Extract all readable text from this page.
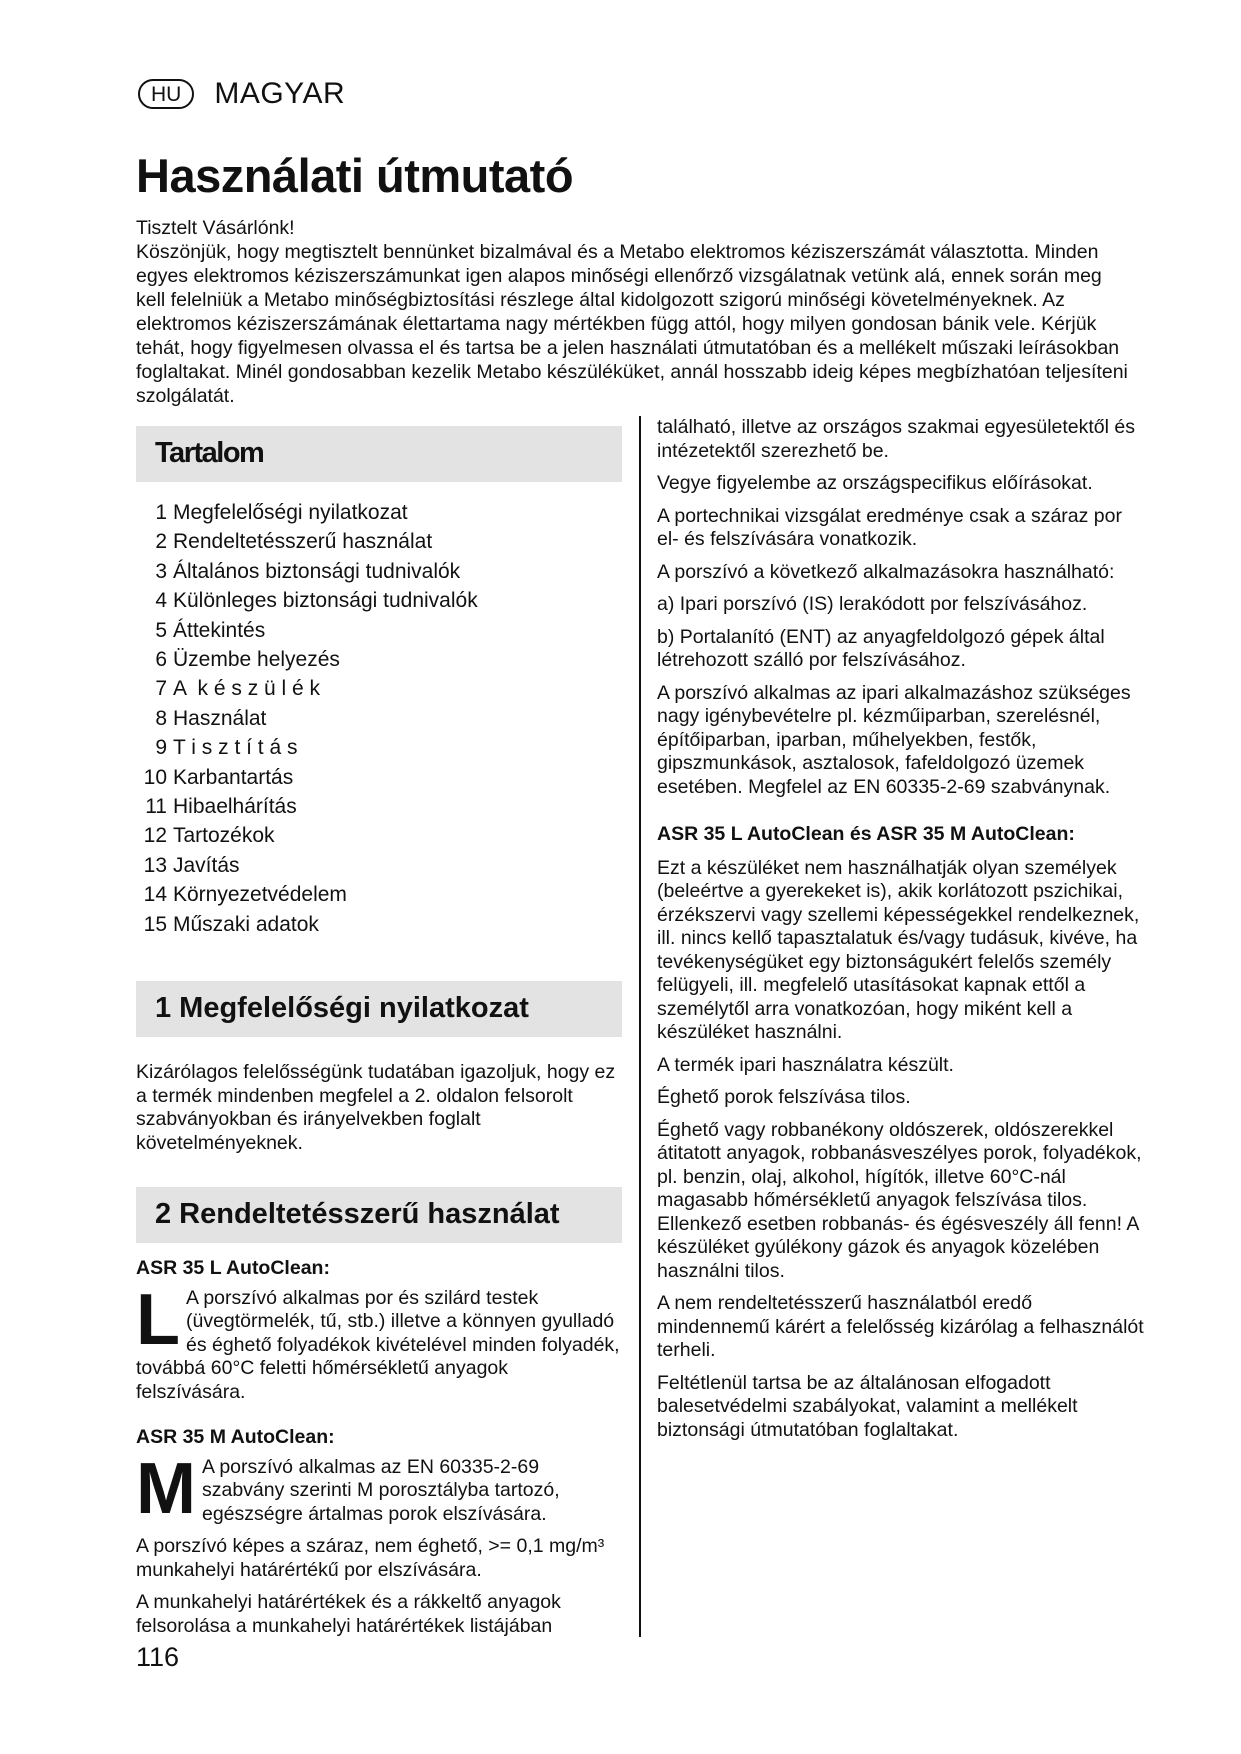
HU	MAGYAR
Használati útmutató

Tisztelt Vásárlónk!

Köszönjük, hogy megtisztelt bennünket bizalmával és a Metabo elektromos kéziszerszámát választotta. Minden egyes elektromos kéziszerszámunkat igen alapos minőségi ellenőrző vizsgálatnak vetünk alá, ennek során meg kell felelniük a Metabo minőségbiztosítási részlege által kidolgozott szigorú minőségi követelményeknek. Az elektromos kéziszerszámának élettartama nagy mértékben függ attól, hogy milyen gondosan bánik vele. Kérjük tehát, hogy figyelmesen olvassa el és tartsa be a jelen használati útmutatóban és a mellékelt műszaki leírásokban foglaltakat. Minél gondosabban kezelik Metabo készüléküket, annál hosszabb ideig képes megbízhatóan teljesíteni szolgálatát.

Tartalom
1 Megfelelőségi nyilatkozat
2 Rendeltetésszerű használat
3 Általános biztonsági tudnivalók
4 Különleges biztonsági tudnivalók
5 Áttekintés
6 Üzembe helyezés
7 A  k é s z ü l é k
8 Használat
9 T i s z t í t á s
10 Karbantartás
11 Hibaelhárítás
12 Tartozékok
13 Javítás
14 Környezetvédelem
15 Műszaki adatok
1 Megfelelőségi nyilatkozat

Kizárólagos felelősségünk tudatában igazoljuk, hogy ez a termék mindenben megfelel a 2. oldalon felsorolt szabványokban és irányelvekben foglalt követelményeknek.

2 Rendeltetésszerű használat

ASR 35 L AutoClean:

L A porszívó alkalmas por és szilárd testek (üvegtörmelék, tű, stb.) illetve a könnyen gyulladó és éghető folyadékok kivételével minden folyadék, továbbá 60°C feletti hőmérsékletű anyagok felszívására.

ASR 35 M AutoClean:

M A porszívó alkalmas az EN 60335-2-69 szabvány szerinti M porosztályba tartozó, egészségre ártalmas porok elszívására.

A porszívó képes a száraz, nem éghető, >= 0,1 mg/m³ munkahelyi határértékű por elszívására.

A munkahelyi határértékek és a rákkeltő anyagok felsorolása a munkahelyi határértékek listájában

található, illetve az országos szakmai egyesületektől és intézetektől szerezhető be.

Vegye figyelembe az országspecifikus előírásokat.

A portechnikai vizsgálat eredménye csak a száraz por el- és felszívására vonatkozik.

A porszívó a következő alkalmazásokra használható:

a) Ipari porszívó (IS) lerakódott por felszívásához.

b) Portalanító (ENT) az anyagfeldolgozó gépek által létrehozott szálló por felszívásához.

A porszívó alkalmas az ipari alkalmazáshoz szükséges nagy igénybevételre pl. kézműiparban, szerelésnél, építőiparban, iparban, műhelyekben, festők, gipszmunkások, asztalosok, fafeldolgozó üzemek esetében. Megfelel az EN 60335-2-69 szabványnak.

ASR 35 L AutoClean és ASR 35 M AutoClean:

Ezt a készüléket nem használhatják olyan személyek (beleértve a gyerekeket is), akik korlátozott pszichikai, érzékszervi vagy szellemi képességekkel rendelkeznek, ill. nincs kellő tapasztalatuk és/vagy tudásuk, kivéve, ha tevékenységüket egy biztonságukért felelős személy felügyeli, ill. megfelelő utasításokat kapnak ettől a személytől arra vonatkozóan, hogy miként kell a készüléket használni.

A termék ipari használatra készült.

Éghető porok felszívása tilos.

Éghető vagy robbanékony oldószerek, oldószerekkel átitatott anyagok, robbanásveszélyes porok, folyadékok, pl. benzin, olaj, alkohol, hígítók, illetve 60°C-nál magasabb hőmérsékletű anyagok felszívása tilos. Ellenkező esetben robbanás- és égésveszély áll fenn! A készüléket gyúlékony gázok és anyagok közelében használni tilos.

A nem rendeltetésszerű használatból eredő mindennemű kárért a felelősség kizárólag a felhasználót terheli.

Feltétlenül tartsa be az általánosan elfogadott balesetvédelmi szabályokat, valamint a mellékelt biztonsági útmutatóban foglaltakat.

116
